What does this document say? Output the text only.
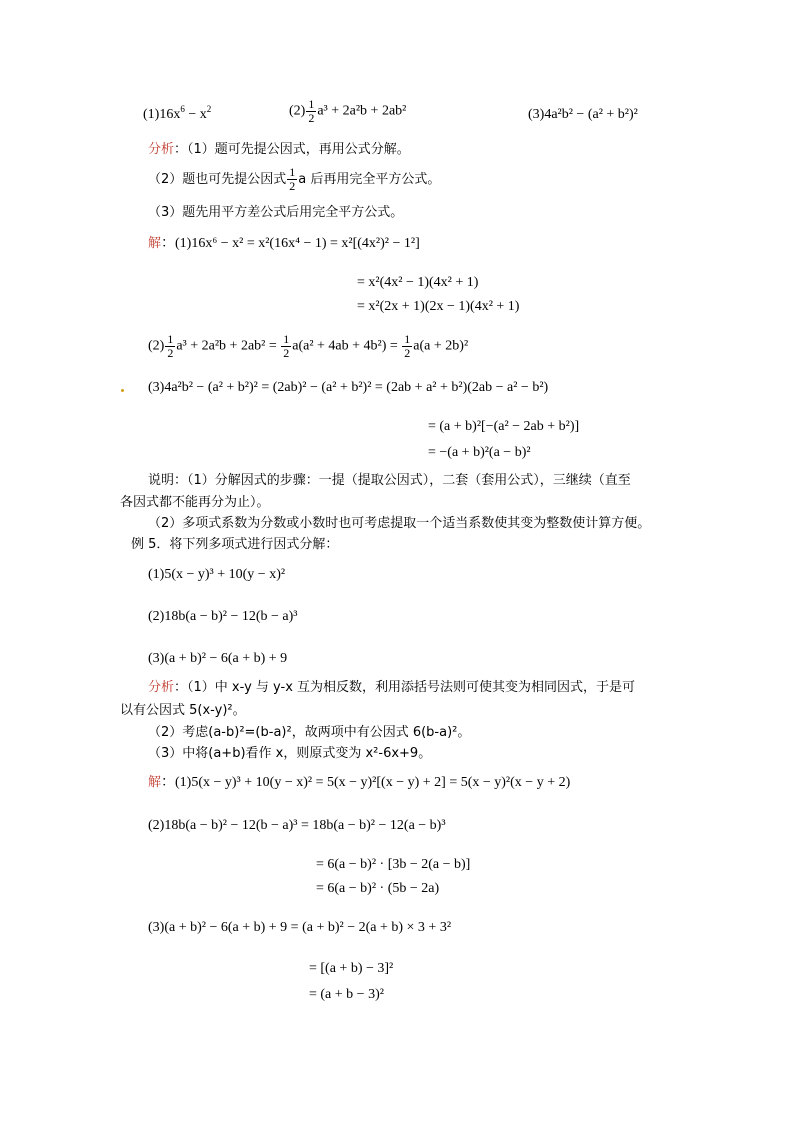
$(1)16x^6 - x^2$	$(2) \frac{1}{2} a^3 + 2a^2b + 2ab^2$	(3)4a²b² − (a² + b²)²
分析：（1）题可先提公因式，再用公式分解。
（2）题也可先提公因式 $\frac{1}{2}$ a 后再用完全平方公式。
（3）题先用平方差公式后用完全平方公式。
解：(1)16x⁶ − x² = x²(16x⁴ − 1) = x²[(4x²)² − 1²]
= x²(4x² − 1)(4x² + 1)
= x²(2x + 1)(2x − 1)(4x² + 1)
$(2) \frac{1}{2} a^3 + 2a^2b + 2ab^2 = \frac{1}{2} a(a^2 + 4ab + 4b^2) = \frac{1}{2} a(a + 2b)^2$
(3)4a²b² − (a² + b²)² = (2ab)² − (a² + b²)² = (2ab + a² + b²)(2ab − a² − b²)
= (a + b)²[−(a² − 2ab + b²)]
= −(a + b)²(a − b)²
说明：（1）分解因式的步骤：一提（提取公因式），二套（套用公式），三继续（直至
各因式都不能再分为止）。
（2）多项式系数为分数或小数时也可考虑提取一个适当系数使其变为整数使计算方便。
例 5．将下列多项式进行因式分解：
(1)5(x − y)³ + 10(y − x)²
(2)18b(a − b)² − 12(b − a)³
(3)(a + b)² − 6(a + b) + 9
分析：（1）中 x-y 与 y-x 互为相反数，利用添括号法则可使其变为相同因式，于是可
以有公因式 5(x-y)²。
（2）考虑(a-b)²=(b-a)²，故两项中有公因式 6(b-a)²。
（3）中将(a+b)看作 x，则原式变为 x²-6x+9。
解：(1)5(x − y)³ + 10(y − x)² = 5(x − y)²[(x − y) + 2] = 5(x − y)²(x − y + 2)
(2)18b(a − b)² − 12(b − a)³ = 18b(a − b)² − 12(a − b)³
= 6(a − b)² · [3b − 2(a − b)]
= 6(a − b)² · (5b − 2a)
(3)(a + b)² − 6(a + b) + 9 = (a + b)² − 2(a + b) × 3 + 3²
= [(a + b) − 3]²
= (a + b − 3)²
